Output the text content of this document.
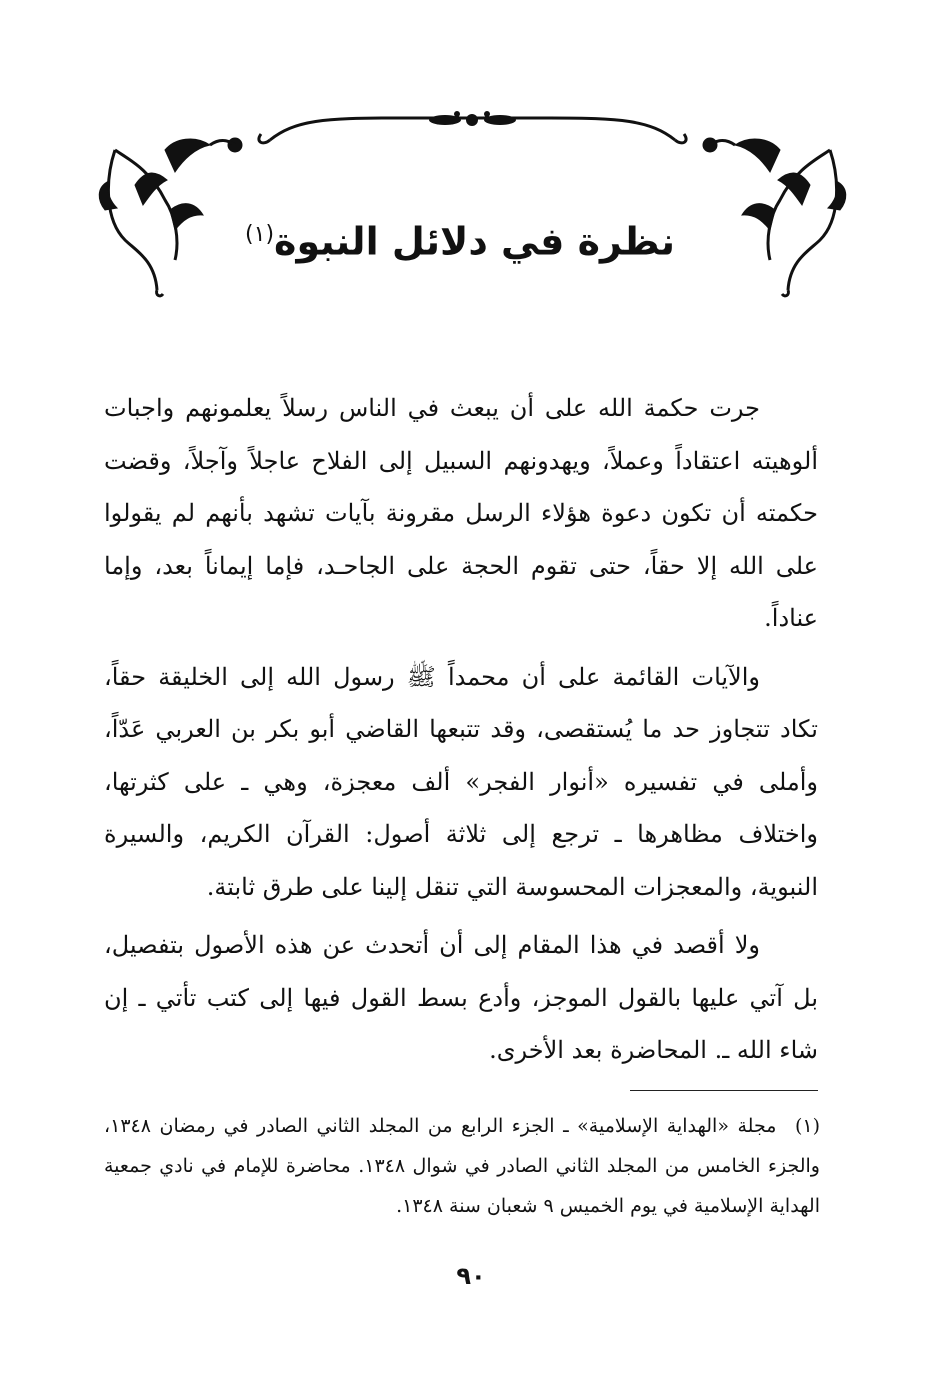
نظرة في دلائل النبوة$^{(١)}$

جرت حكمة الله على أن يبعث في الناس رسلاً يعلمونهم واجبات ألوهيته اعتقاداً وعملاً، ويهدونهم السبيل إلى الفلاح عاجلاً وآجلاً، وقضت حكمته أن تكون دعوة هؤلاء الرسل مقرونة بآيات تشهد بأنهم لم يقولوا على الله إلا حقاً، حتى تقوم الحجة على الجاحـد، فإما إيماناً بعد، وإما عناداً.

والآيات القائمة على أن محمداً ﷺ رسول الله إلى الخليقة حقاً، تكاد تتجاوز حد ما يُستقصى، وقد تتبعها القاضي أبو بكر بن العربي عَدّاً، وأملى في تفسيره «أنوار الفجر» ألف معجزة، وهي ـ على كثرتها، واختلاف مظاهرها ـ ترجع إلى ثلاثة أصول: القرآن الكريم، والسيرة النبوية، والمعجزات المحسوسة التي تنقل إلينا على طرق ثابتة.

ولا أقصد في هذا المقام إلى أن أتحدث عن هذه الأصول بتفصيل، بل آتي عليها بالقول الموجز، وأدع بسط القول فيها إلى كتب تأتي ـ إن شاء الله ـ. المحاضرة بعد الأخرى.

(١) مجلة «الهداية الإسلامية» ـ الجزء الرابع من المجلد الثاني الصادر في رمضان ١٣٤٨، والجزء الخامس من المجلد الثاني الصادر في شوال ١٣٤٨. محاضرة للإمام في نادي جمعية الهداية الإسلامية في يوم الخميس ٩ شعبان سنة ١٣٤٨.
٩٠
